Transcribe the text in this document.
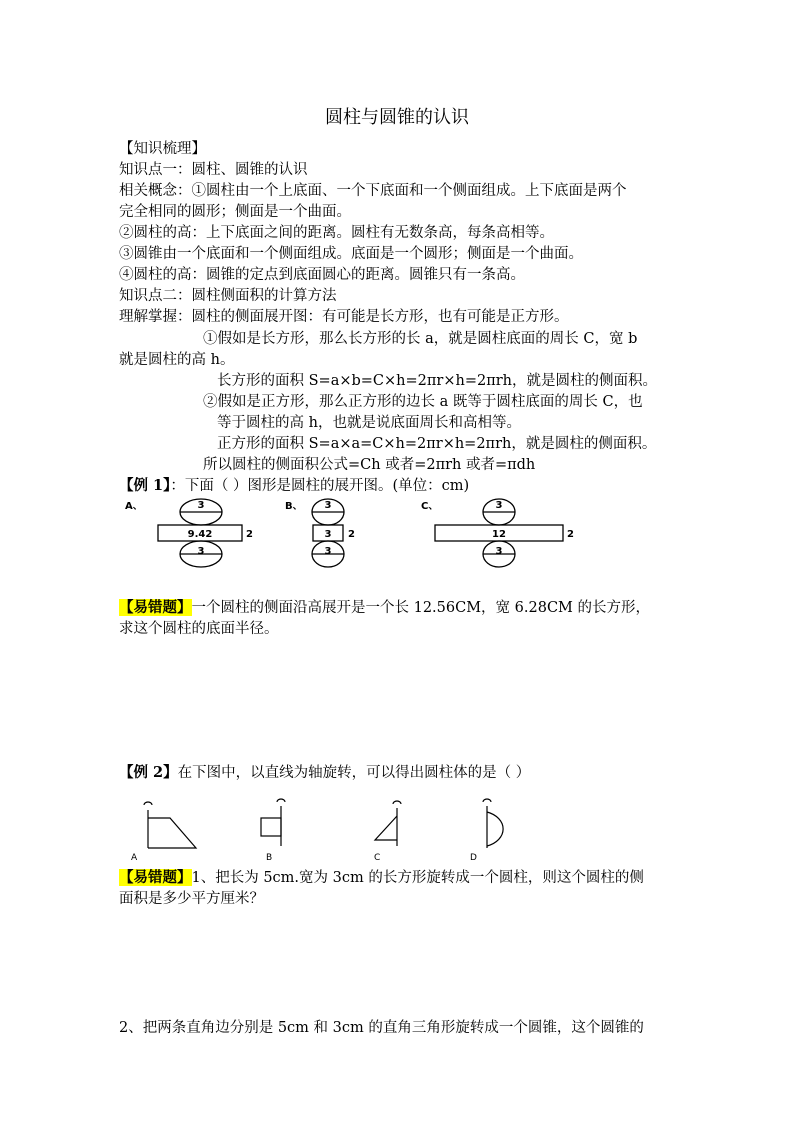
圆柱与圆锥的认识
【知识梳理】
知识点一：圆柱、圆锥的认识
相关概念：①圆柱由一个上底面、一个下底面和一个侧面组成。上下底面是两个
完全相同的圆形；侧面是一个曲面。
②圆柱的高：上下底面之间的距离。圆柱有无数条高，每条高相等。
③圆锥由一个底面和一个侧面组成。底面是一个圆形；侧面是一个曲面。
④圆柱的高：圆锥的定点到底面圆心的距离。圆锥只有一条高。
知识点二：圆柱侧面积的计算方法
理解掌握：圆柱的侧面展开图：有可能是长方形，也有可能是正方形。
①假如是长方形，那么长方形的长 a，就是圆柱底面的周长 C，宽 b
就是圆柱的高 h。
长方形的面积 S=a×b=C×h=2πr×h=2πrh，就是圆柱的侧面积。
②假如是正方形，那么正方形的边长 a 既等于圆柱底面的周长 C，也
等于圆柱的高 h，也就是说底面周长和高相等。
正方形的面积 S=a×a=C×h=2πr×h=2πrh，就是圆柱的侧面积。
所以圆柱的侧面积公式=Ch 或者=2πrh 或者=πdh
【例 1】：下面（ ）图形是圆柱的展开图。(单位：cm)
A、	3
9.42
3
2
B、 3
3
3
2
C、	3
12
3
2
【易错题】一个圆柱的侧面沿高展开是一个长 12.56CM，宽 6.28CM 的长方形，
求这个圆柱的底面半径。
【例 2】在下图中，以直线为轴旋转，可以得出圆柱体的是（ ）
A	B	C	D
【易错题】1、把长为 5cm.宽为 3cm 的长方形旋转成一个圆柱，则这个圆柱的侧
面积是多少平方厘米？
2、把两条直角边分别是 5cm 和 3cm 的直角三角形旋转成一个圆锥，这个圆锥的
